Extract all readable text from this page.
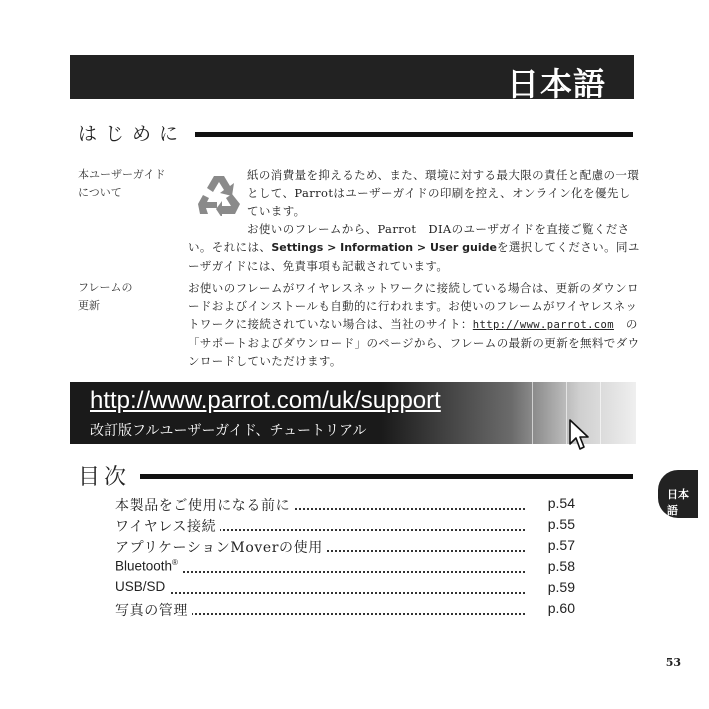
日本語
はじめに
本ユーザーガイド
について
紙の消費量を抑えるため、また、環境に対する最大限の責任と配慮の一環として、Parrotはユーザーガイドの印刷を控え、オンライン化を優先しています。
お使いのフレームから、Parrot　DIAのユーザガイドを直接ご覧ください。それには、Settings > Information > User guideを選択してください。同ユーザガイドには、免責事項も記載されています。
フレームの
更新
お使いのフレームがワイヤレスネットワークに接続している場合は、更新のダウンロードおよびインストールも自動的に行われます。お使いのフレームがワイヤレスネットワークに接続されていない場合は、当社のサイト：http://www.parrot.com　の「サポートおよびダウンロード」のページから、フレームの最新の更新を無料でダウンロードしていただけます。
http://www.parrot.com/uk/support
改訂版フルユーザーガイド、チュートリアル
目次
本製品をご使用になる前に	p.54
ワイヤレス接続	p.55
アプリケーションMoverの使用	p.57
Bluetooth®	p.58
USB/SD	p.59
写真の管理	p.60
日本語
53
